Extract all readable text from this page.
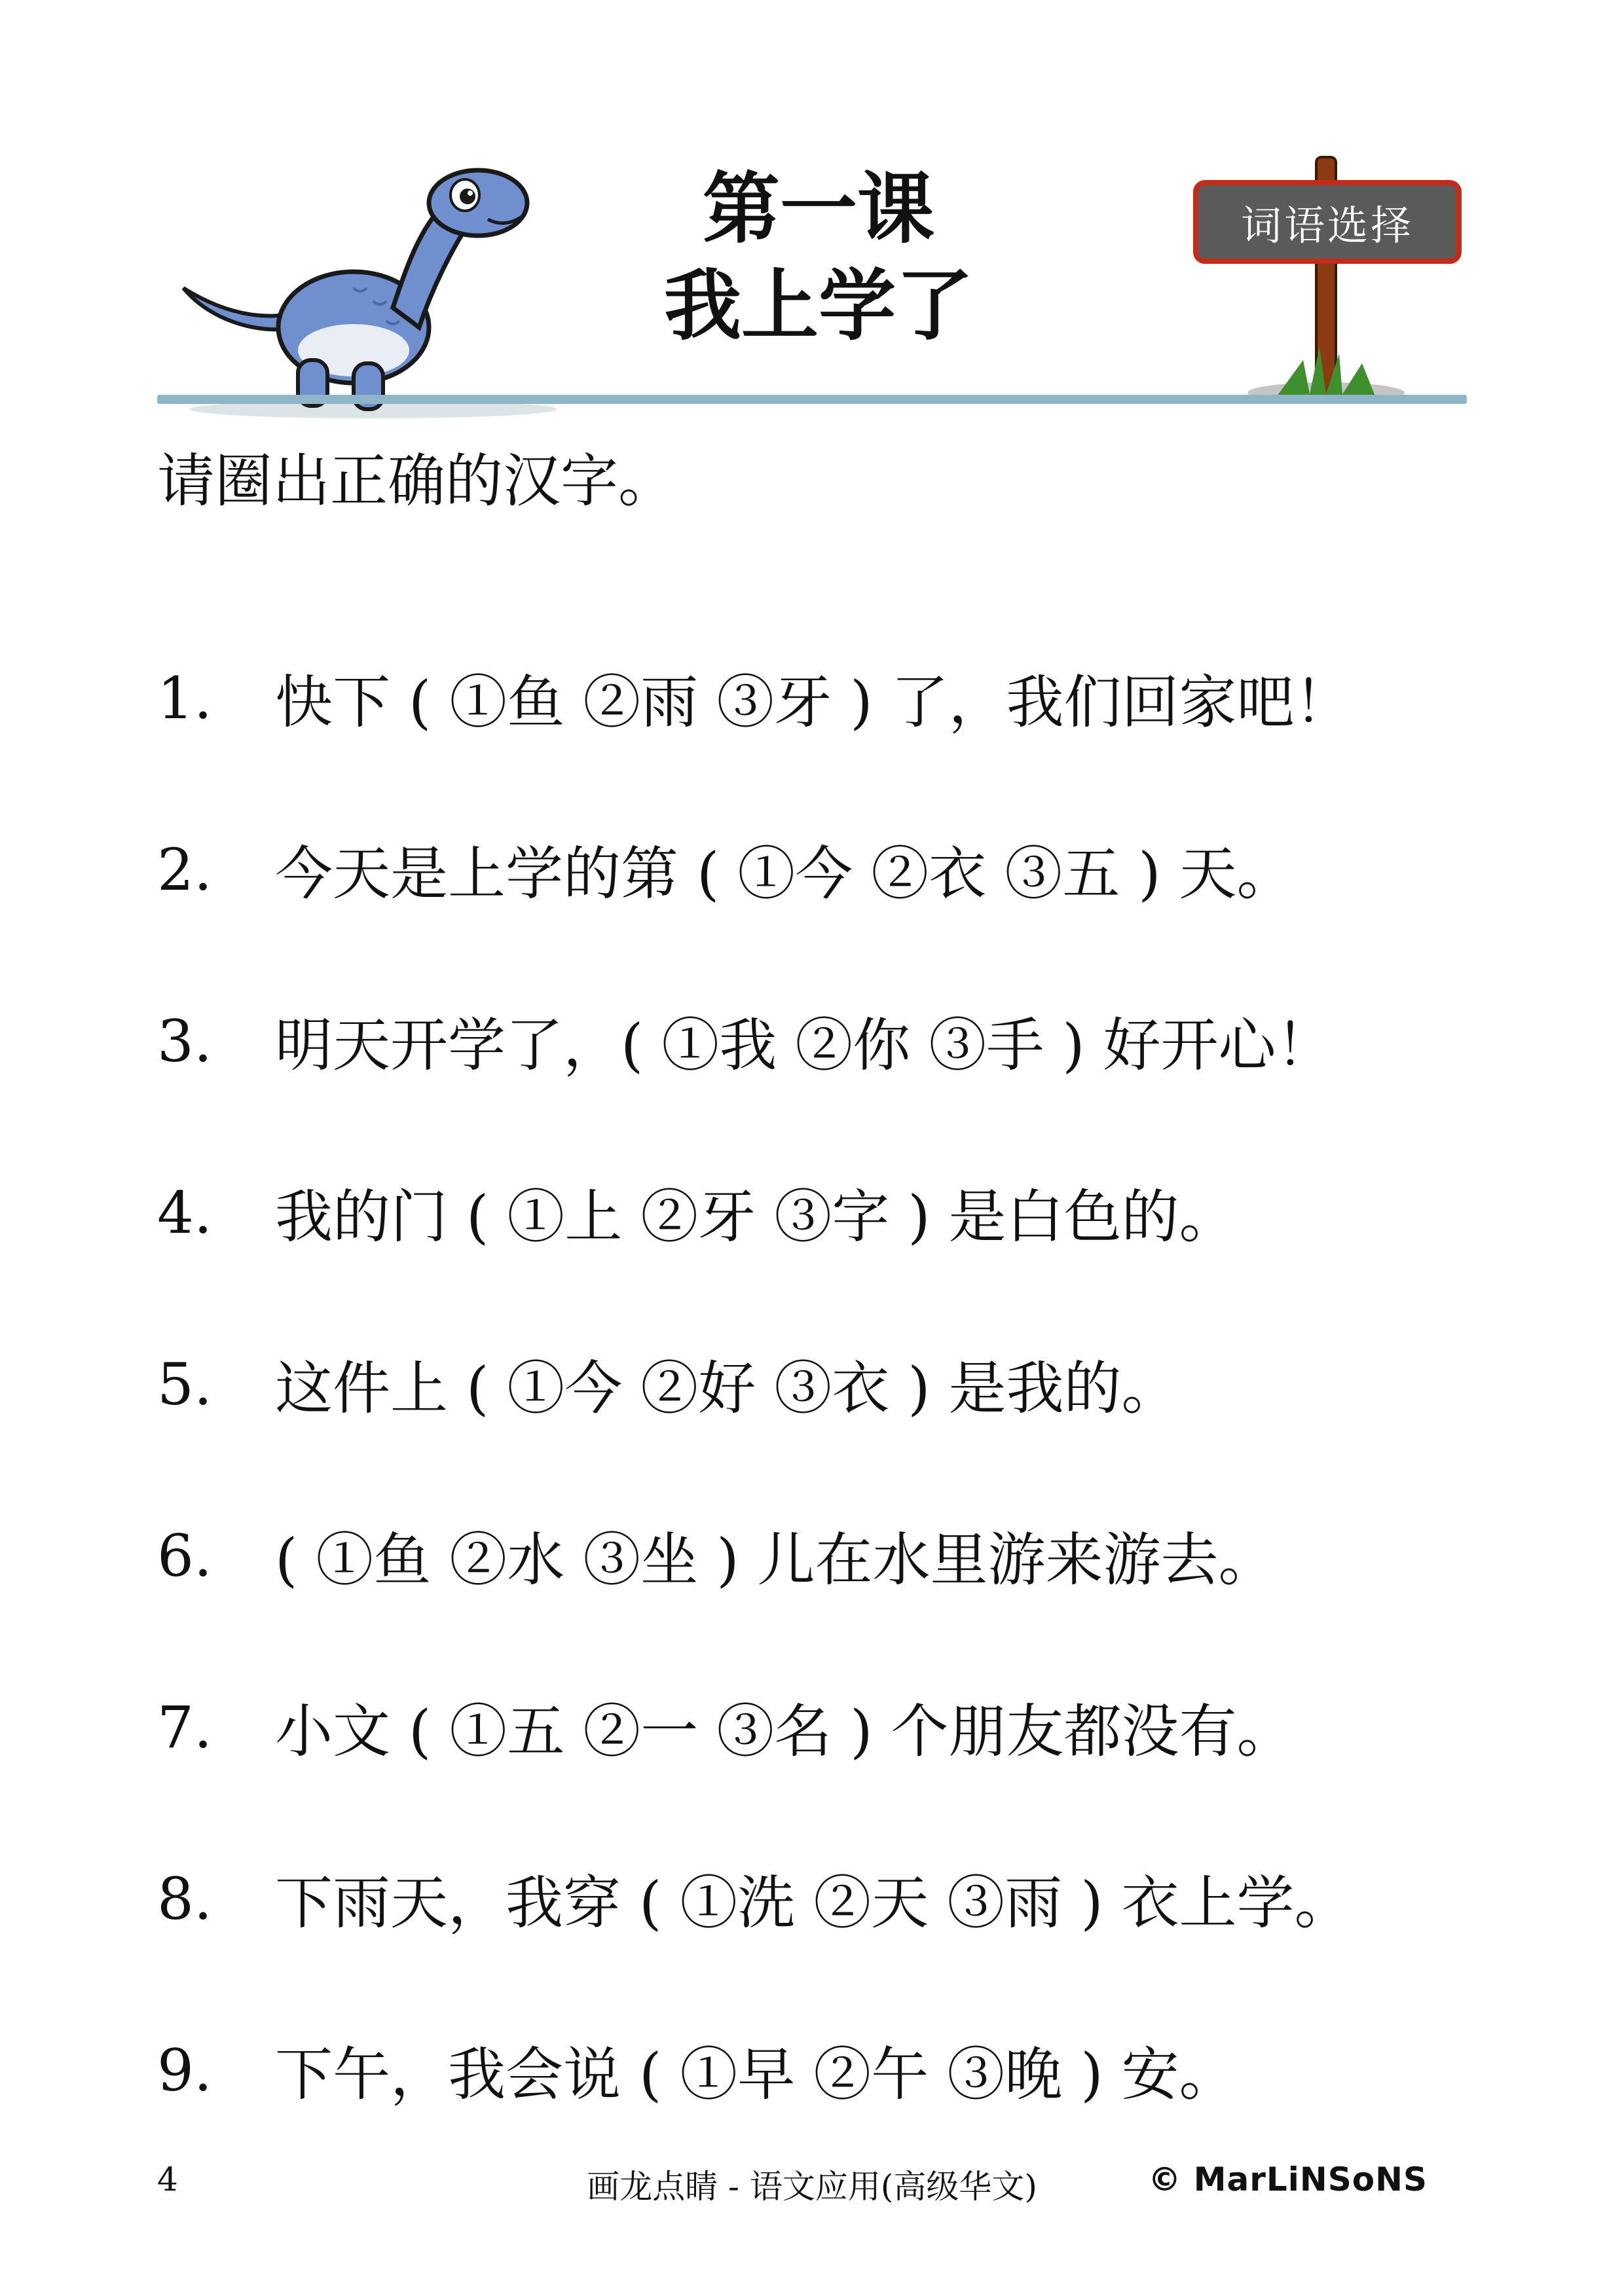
第一课
我上学了
词语选择
请圈出正确的汉字。
1.	快下 ( ①鱼 ②雨 ③牙 ) 了，我们回家吧！
2.	今天是上学的第 ( ①今 ②衣 ③五 ) 天。
3.	明天开学了，( ①我 ②你 ③手 ) 好开心！
4.	我的门 ( ①上 ②牙 ③字 ) 是白色的。
5.	这件上 ( ①今 ②好 ③衣 ) 是我的。
6.	( ①鱼 ②水 ③坐 ) 儿在水里游来游去。
7.	小文 ( ①五 ②一 ③名 ) 个朋友都没有。
8.	下雨天，我穿 ( ①洗 ②天 ③雨 ) 衣上学。
9.	下午，我会说 ( ①早 ②午 ③晚 ) 安。
4	画龙点睛 - 语文应用(高级华文)	© MarLiNSoNS
